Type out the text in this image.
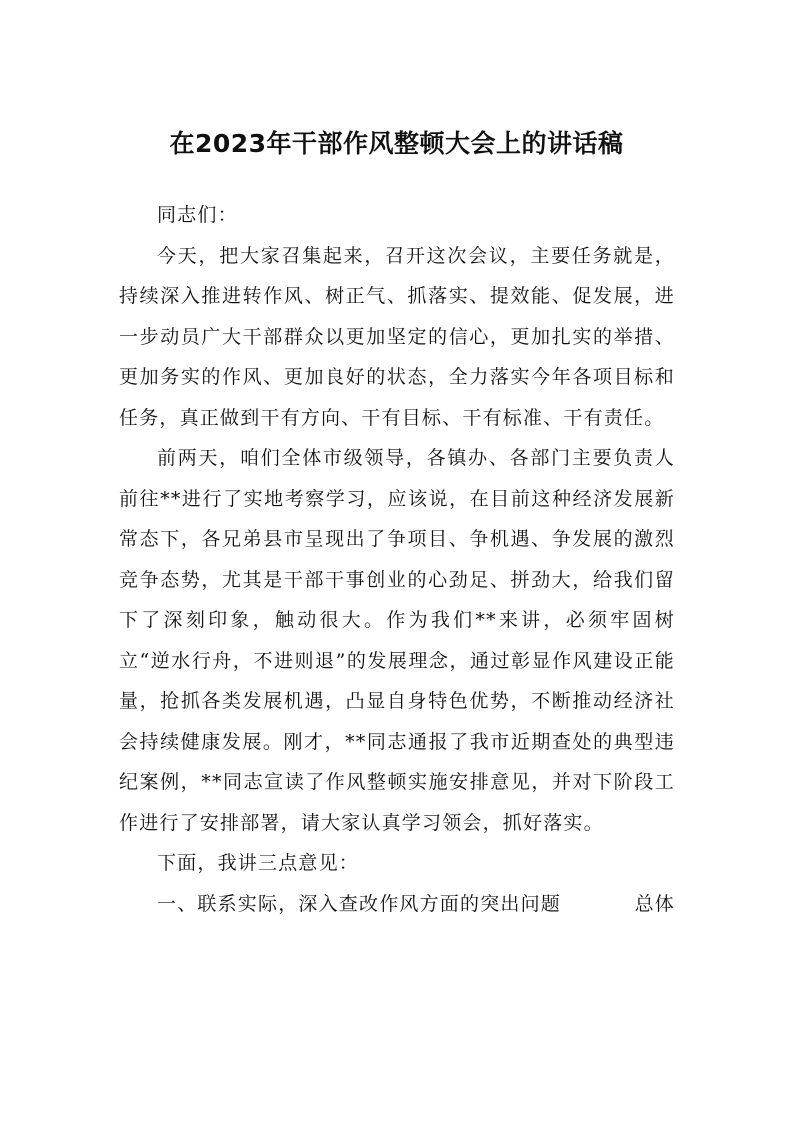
在2023年干部作风整顿大会上的讲话稿

同志们：

今天，把大家召集起来，召开这次会议，主要任务就是，持续深入推进转作风、树正气、抓落实、提效能、促发展，进一步动员广大干部群众以更加坚定的信心，更加扎实的举措、更加务实的作风、更加良好的状态，全力落实今年各项目标和任务，真正做到干有方向、干有目标、干有标准、干有责任。

前两天，咱们全体市级领导，各镇办、各部门主要负责人前往**进行了实地考察学习，应该说，在目前这种经济发展新常态下，各兄弟县市呈现出了争项目、争机遇、争发展的激烈竞争态势，尤其是干部干事创业的心劲足、拼劲大，给我们留下了深刻印象，触动很大。作为我们**来讲，必须牢固树立“逆水行舟，不进则退”的发展理念，通过彰显作风建设正能量，抢抓各类发展机遇，凸显自身特色优势，不断推动经济社会持续健康发展。刚才，**同志通报了我市近期查处的典型违纪案例，**同志宣读了作风整顿实施安排意见，并对下阶段工作进行了安排部署，请大家认真学习领会，抓好落实。

下面，我讲三点意见：

一、联系实际，深入查改作风方面的突出问题	总体
